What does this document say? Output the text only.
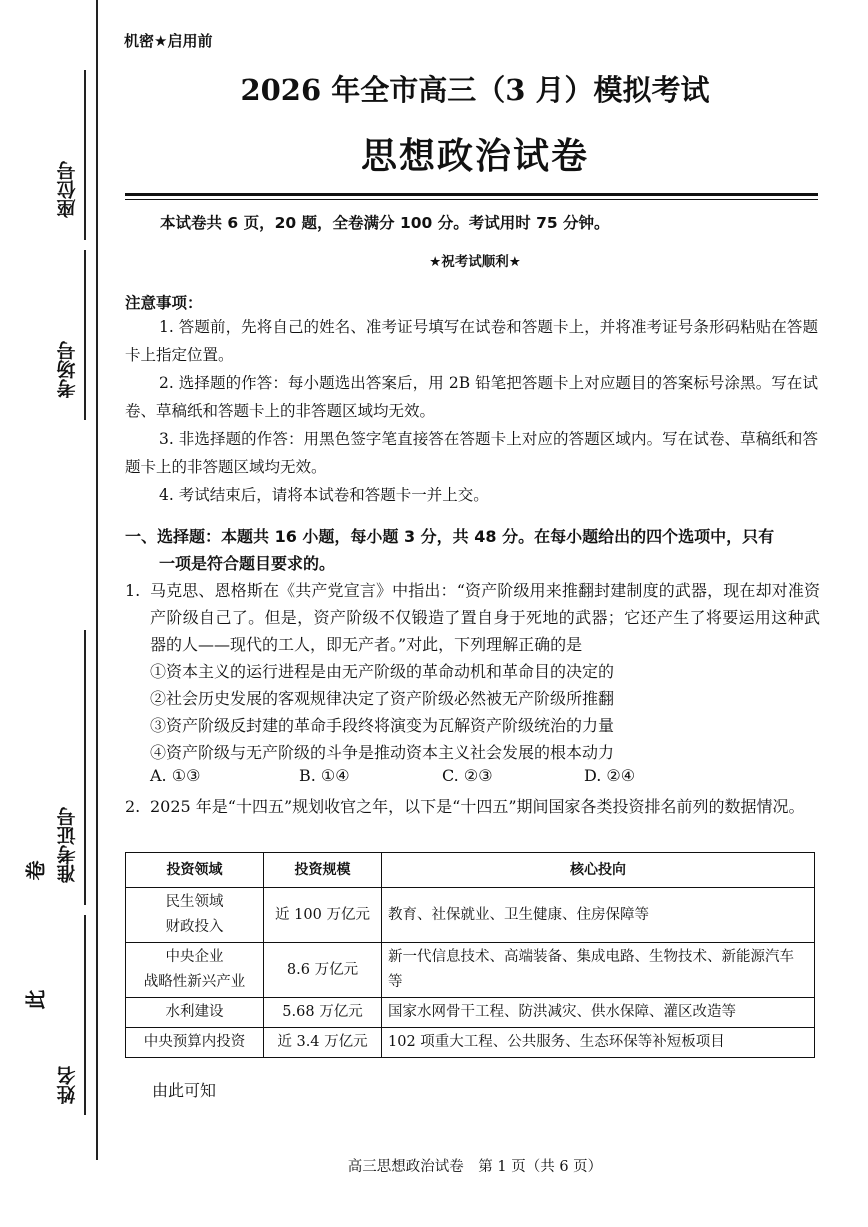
座位号
考场号
准考证号
姓名
卷
此
机密★启用前
2026 年全市高三（3 月）模拟考试
思想政治试卷
本试卷共 6 页，20 题，全卷满分 100 分。考试用时 75 分钟。
★祝考试顺利★
注意事项：

1. 答题前，先将自己的姓名、准考证号填写在试卷和答题卡上，并将准考证号条形码粘贴在答题卡上指定位置。

2. 选择题的作答：每小题选出答案后，用 2B 铅笔把答题卡上对应题目的答案标号涂黑。写在试卷、草稿纸和答题卡上的非答题区域均无效。

3. 非选择题的作答：用黑色签字笔直接答在答题卡上对应的答题区域内。写在试卷、草稿纸和答题卡上的非答题区域均无效。

4. 考试结束后，请将本试卷和答题卡一并上交。

一、选择题：本题共 16 小题，每小题 3 分，共 48 分。在每小题给出的四个选项中，只有
一项是符合题目要求的。
1. 马克思、恩格斯在《共产党宣言》中指出：“资产阶级用来推翻封建制度的武器，现在却对准资产阶级自己了。但是，资产阶级不仅锻造了置自身于死地的武器；它还产生了将要运用这种武器的人——现代的工人，即无产者。”对此，下列理解正确的是
①资本主义的运行进程是由无产阶级的革命动机和革命目的决定的
②社会历史发展的客观规律决定了资产阶级必然被无产阶级所推翻
③资产阶级反封建的革命手段终将演变为瓦解资产阶级统治的力量
④资产阶级与无产阶级的斗争是推动资本主义社会发展的根本动力
A. ①③	B. ①④	C. ②③	D. ②④
2. 2025 年是“十四五”规划收官之年，以下是“十四五”期间国家各类投资排名前列的数据情况。
投资领域	投资规模	核心投向

民生领域
财政投入	近 100 万亿元	教育、社保就业、卫生健康、住房保障等

中央企业
战略性新兴产业	8.6 万亿元	新一代信息技术、高端装备、集成电路、生物技术、新能源汽车等
水利建设	5.68 万亿元	国家水网骨干工程、防洪减灾、供水保障、灌区改造等
中央预算内投资	近 3.4 万亿元	102 项重大工程、公共服务、生态环保等补短板项目
由此可知
高三思想政治试卷　第 1 页（共 6 页）
